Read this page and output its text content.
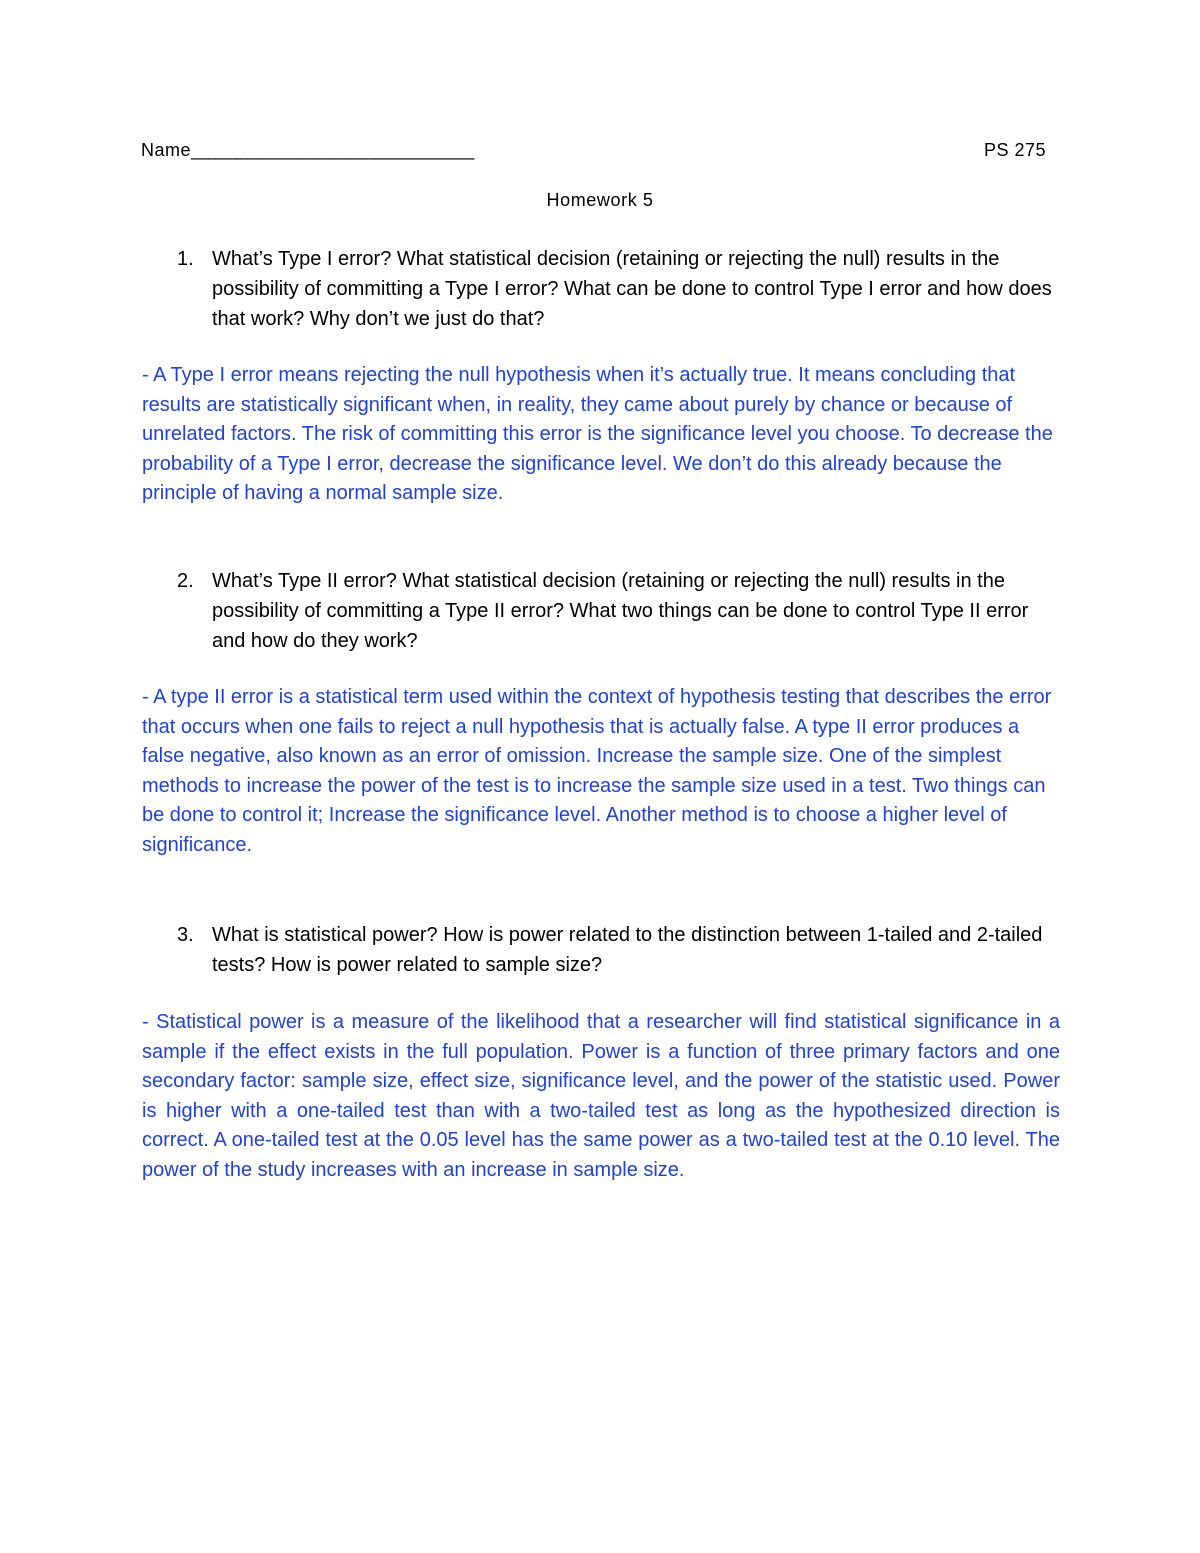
Name___________________________	PS 275
Homework 5
1. What’s Type I error? What statistical decision (retaining or rejecting the null) results in the possibility of committing a Type I error? What can be done to control Type I error and how does that work? Why don’t we just do that?
- A Type I error means rejecting the null hypothesis when it’s actually true. It means concluding that results are statistically significant when, in reality, they came about purely by chance or because of unrelated factors. The risk of committing this error is the significance level you choose. To decrease the probability of a Type I error, decrease the significance level. We don’t do this already because the principle of having a normal sample size.
2. What’s Type II error? What statistical decision (retaining or rejecting the null) results in the possibility of committing a Type II error? What two things can be done to control Type II error and how do they work?
- A type II error is a statistical term used within the context of hypothesis testing that describes the error that occurs when one fails to reject a null hypothesis that is actually false. A type II error produces a false negative, also known as an error of omission. Increase the sample size. One of the simplest methods to increase the power of the test is to increase the sample size used in a test. Two things can be done to control it; Increase the significance level. Another method is to choose a higher level of significance.
3. What is statistical power? How is power related to the distinction between 1-tailed and 2-tailed tests? How is power related to sample size?
- Statistical power is a measure of the likelihood that a researcher will find statistical significance in a sample if the effect exists in the full population. Power is a function of three primary factors and one secondary factor: sample size, effect size, significance level, and the power of the statistic used. Power is higher with a one-tailed test than with a two-tailed test as long as the hypothesized direction is correct. A one-tailed test at the 0.05 level has the same power as a two-tailed test at the 0.10 level. The power of the study increases with an increase in sample size.
